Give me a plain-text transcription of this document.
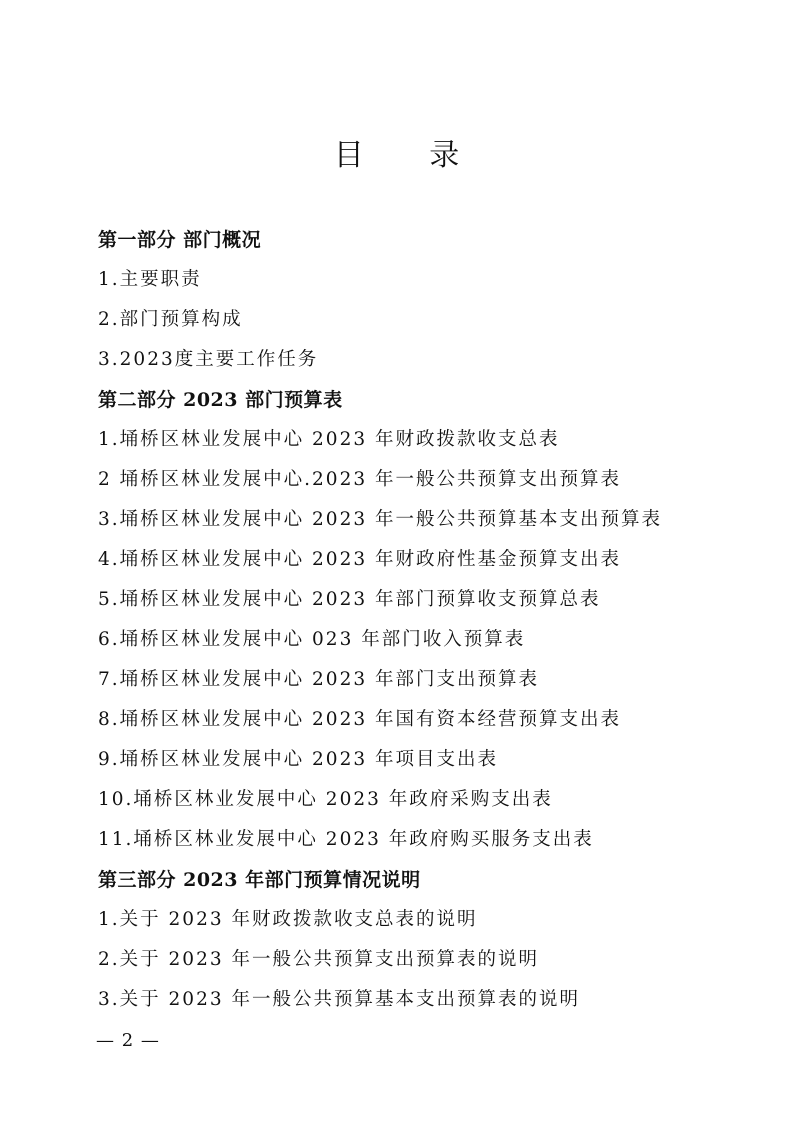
目 录
第一部分 部门概况
1.主要职责
2.部门预算构成
3.2023度主要工作任务
第二部分 2023 部门预算表
1.埇桥区林业发展中心 2023 年财政拨款收支总表
2 埇桥区林业发展中心.2023 年一般公共预算支出预算表
3.埇桥区林业发展中心 2023 年一般公共预算基本支出预算表
4.埇桥区林业发展中心 2023 年财政府性基金预算支出表
5.埇桥区林业发展中心 2023 年部门预算收支预算总表
6.埇桥区林业发展中心 023 年部门收入预算表
7.埇桥区林业发展中心 2023 年部门支出预算表
8.埇桥区林业发展中心 2023 年国有资本经营预算支出表
9.埇桥区林业发展中心 2023 年项目支出表
10.埇桥区林业发展中心 2023 年政府采购支出表
11.埇桥区林业发展中心 2023 年政府购买服务支出表
第三部分 2023 年部门预算情况说明
1.关于 2023 年财政拨款收支总表的说明
2.关于 2023 年一般公共预算支出预算表的说明
3.关于 2023 年一般公共预算基本支出预算表的说明
— 2 —
